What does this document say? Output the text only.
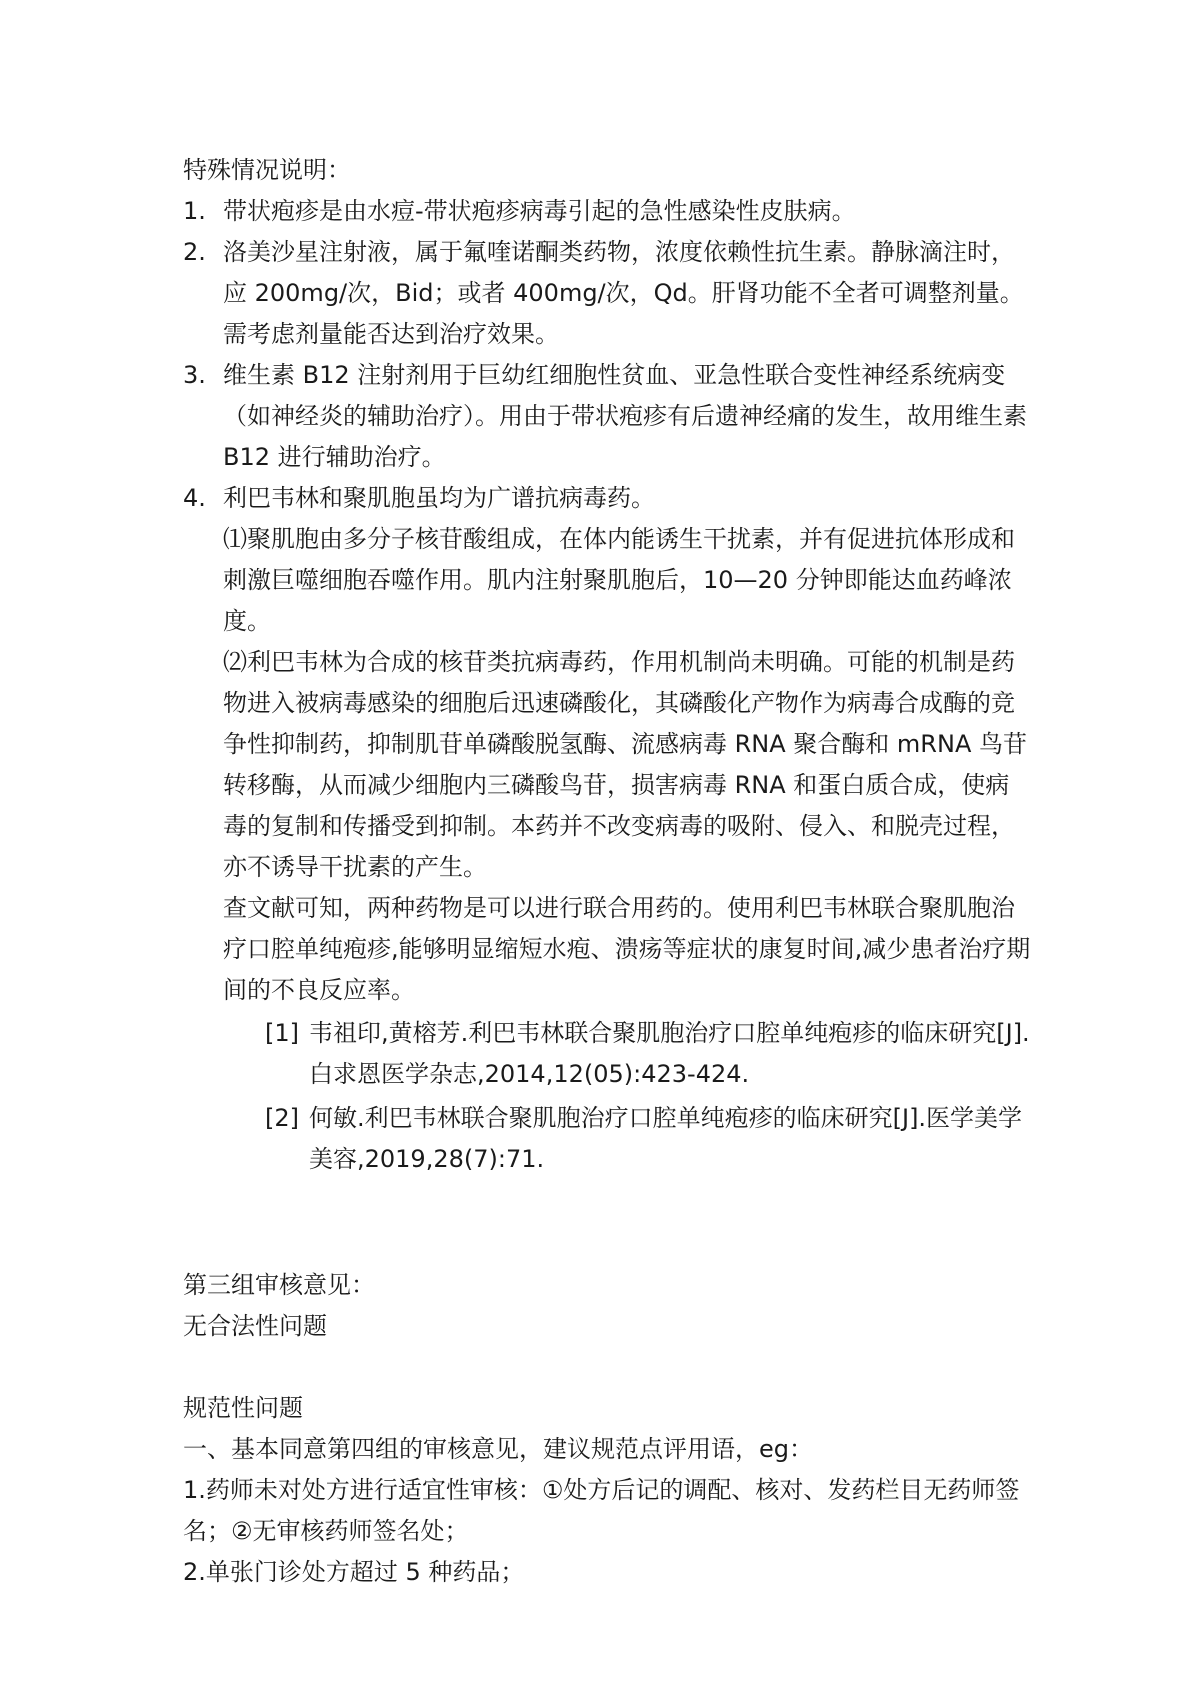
特殊情况说明：

1. 带状疱疹是由水痘-带状疱疹病毒引起的急性感染性皮肤病。
2. 洛美沙星注射液，属于氟喹诺酮类药物，浓度依赖性抗生素。静脉滴注时，应 200mg/次，Bid；或者 400mg/次，Qd。肝肾功能不全者可调整剂量。需考虑剂量能否达到治疗效果。
3. 维生素 B12 注射剂用于巨幼红细胞性贫血、亚急性联合变性神经系统病变（如神经炎的辅助治疗）。用由于带状疱疹有后遗神经痛的发生，故用维生素 B12 进行辅助治疗。
4. 利巴韦林和聚肌胞虽均为广谱抗病毒药。

⑴聚肌胞由多分子核苷酸组成，在体内能诱生干扰素，并有促进抗体形成和刺激巨噬细胞吞噬作用。肌内注射聚肌胞后，10—20 分钟即能达血药峰浓度。

⑵利巴韦林为合成的核苷类抗病毒药，作用机制尚未明确。可能的机制是药物进入被病毒感染的细胞后迅速磷酸化，其磷酸化产物作为病毒合成酶的竞争性抑制药，抑制肌苷单磷酸脱氢酶、流感病毒 RNA 聚合酶和 mRNA 鸟苷转移酶，从而减少细胞内三磷酸鸟苷，损害病毒 RNA 和蛋白质合成，使病毒的复制和传播受到抑制。本药并不改变病毒的吸附、侵入、和脱壳过程，亦不诱导干扰素的产生。

查文献可知，两种药物是可以进行联合用药的。使用利巴韦林联合聚肌胞治疗口腔单纯疱疹,能够明显缩短水疱、溃疡等症状的康复时间,减少患者治疗期间的不良反应率。

[1] 韦祖印,黄榕芳.利巴韦林联合聚肌胞治疗口腔单纯疱疹的临床研究[J].白求恩医学杂志,2014,12(05):423-424.
[2] 何敏.利巴韦林联合聚肌胞治疗口腔单纯疱疹的临床研究[J].医学美学美容,2019,28(7):71.

第三组审核意见：

无合法性问题

规范性问题

一、基本同意第四组的审核意见，建议规范点评用语，eg：

1.药师未对处方进行适宜性审核：①处方后记的调配、核对、发药栏目无药师签名；②无审核药师签名处；

2.单张门诊处方超过 5 种药品；
